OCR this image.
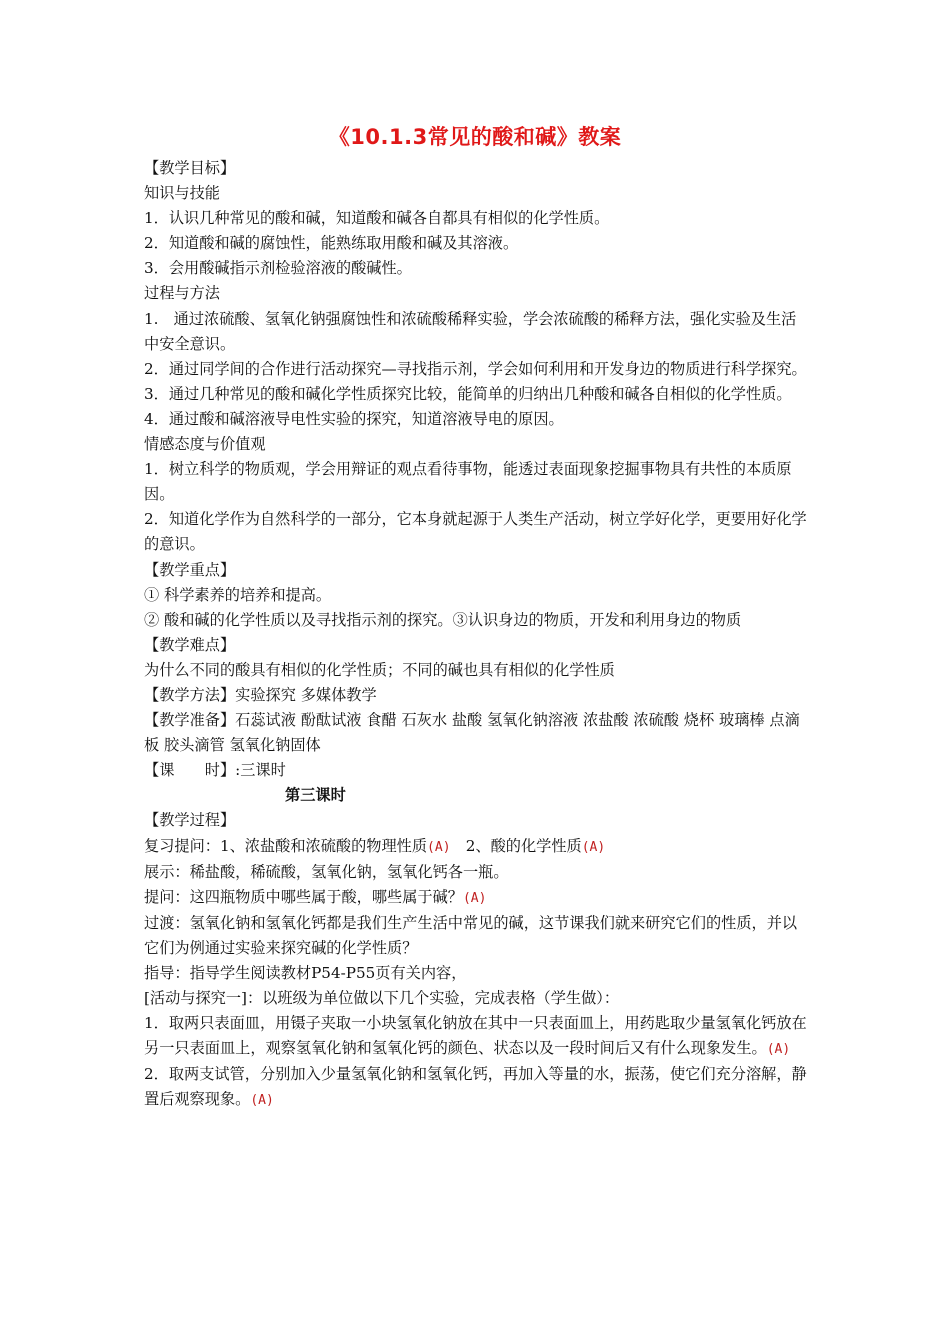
《10.1.3常见的酸和碱》教案

【教学目标】

知识与技能

1．认识几种常见的酸和碱，知道酸和碱各自都具有相似的化学性质。

2．知道酸和碱的腐蚀性，能熟练取用酸和碱及其溶液。

3．会用酸碱指示剂检验溶液的酸碱性。

过程与方法

1.　通过浓硫酸、氢氧化钠强腐蚀性和浓硫酸稀释实验，学会浓硫酸的稀释方法，强化实验及生活中安全意识。

2．通过同学间的合作进行活动探究—寻找指示剂，学会如何利用和开发身边的物质进行科学探究。

3．通过几种常见的酸和碱化学性质探究比较，能简单的归纳出几种酸和碱各自相似的化学性质。

4．通过酸和碱溶液导电性实验的探究，知道溶液导电的原因。

情感态度与价值观

1．树立科学的物质观，学会用辩证的观点看待事物，能透过表面现象挖掘事物具有共性的本质原因。

2．知道化学作为自然科学的一部分，它本身就起源于人类生产活动，树立学好化学，更要用好化学的意识。

【教学重点】

① 科学素养的培养和提高。

② 酸和碱的化学性质以及寻找指示剂的探究。③认识身边的物质，开发和利用身边的物质

【教学难点】

为什么不同的酸具有相似的化学性质；不同的碱也具有相似的化学性质

【教学方法】实验探究 多媒体教学

【教学准备】石蕊试液 酚酞试液 食醋 石灰水 盐酸 氢氧化钠溶液 浓盐酸 浓硫酸 烧杯 玻璃棒 点滴板 胶头滴管 氢氧化钠固体

【课　　时】:三课时

第三课时

【教学过程】

复习提问：1、浓盐酸和浓硫酸的物理性质(A)　2、酸的化学性质(A)

展示：稀盐酸，稀硫酸，氢氧化钠，氢氧化钙各一瓶。

提问：这四瓶物质中哪些属于酸，哪些属于碱？(A)

过渡：氢氧化钠和氢氧化钙都是我们生产生活中常见的碱，这节课我们就来研究它们的性质，并以它们为例通过实验来探究碱的化学性质？

指导：指导学生阅读教材P54-P55页有关内容，

[活动与探究一]：以班级为单位做以下几个实验，完成表格（学生做）：

1．取两只表面皿，用镊子夹取一小块氢氧化钠放在其中一只表面皿上，用药匙取少量氢氧化钙放在另一只表面皿上，观察氢氧化钠和氢氧化钙的颜色、状态以及一段时间后又有什么现象发生。(A)

2．取两支试管，分别加入少量氢氧化钠和氢氧化钙，再加入等量的水，振荡，使它们充分溶解，静置后观察现象。(A)
